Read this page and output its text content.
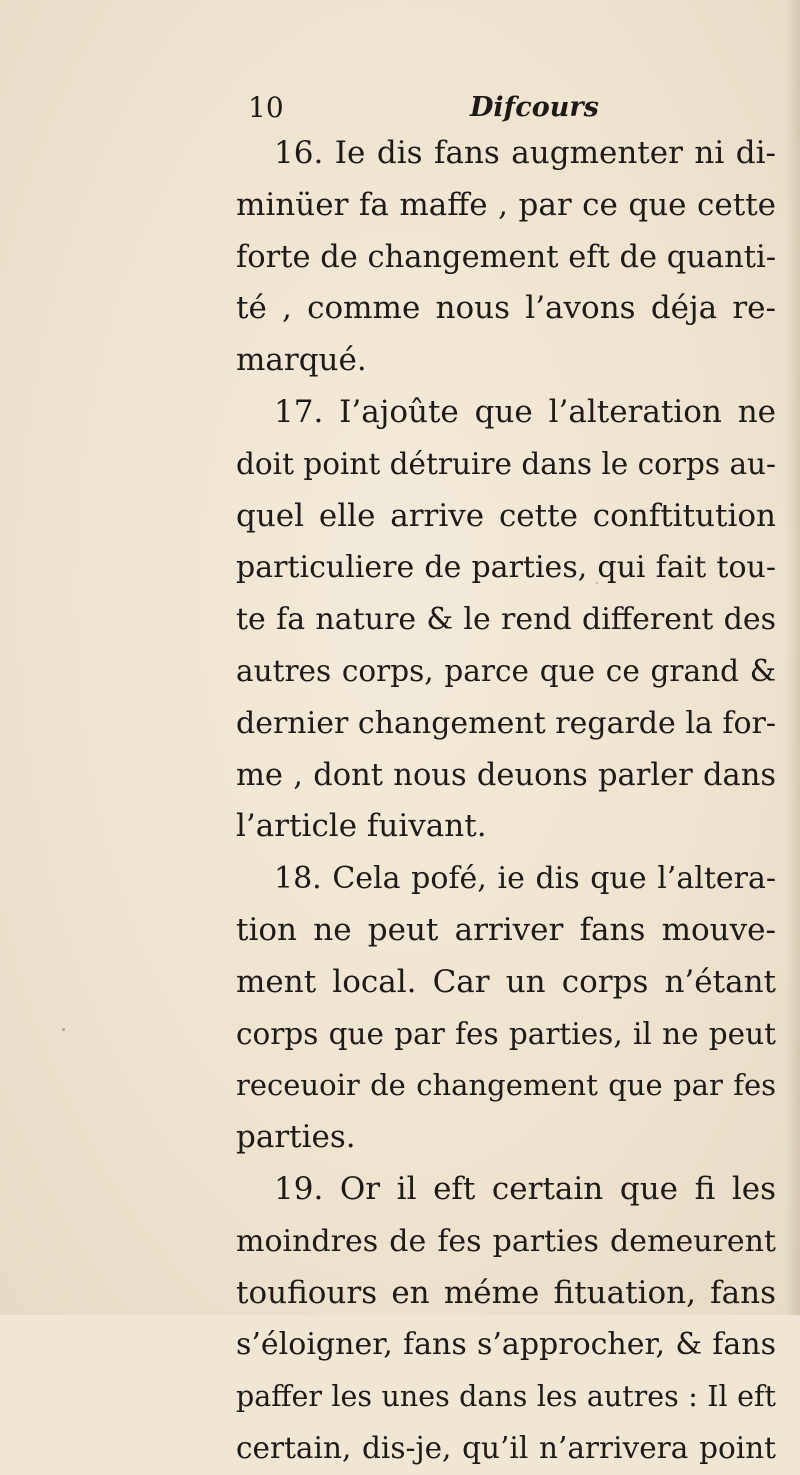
10	Difcours
16. Ie dis fans augmenter ni di-
minüer fa maffe , par ce que cette
forte de changement eft de quanti-
té , comme nous l’avons déja re-
marqué.
17. I’ajoûte que l’alteration ne
doit point détruire dans le corps au-
quel elle arrive cette conftitution
particuliere de parties, qui fait tou-
te fa nature & le rend different des
autres corps, parce que ce grand &
dernier changement regarde la for-
me , dont nous deuons parler dans
l’article fuivant.
18. Cela pofé, ie dis que l’altera-
tion ne peut arriver fans mouve-
ment local. Car un corps n’étant
corps que par fes parties, il ne peut
receuoir de changement que par fes
parties.
19. Or il eft certain que fi les
moindres de fes parties demeurent
toufiours en méme fituation, fans
s’éloigner, fans s’approcher, & fans
paffer les unes dans les autres : Il eft
certain, dis-je, qu’il n’arrivera point
